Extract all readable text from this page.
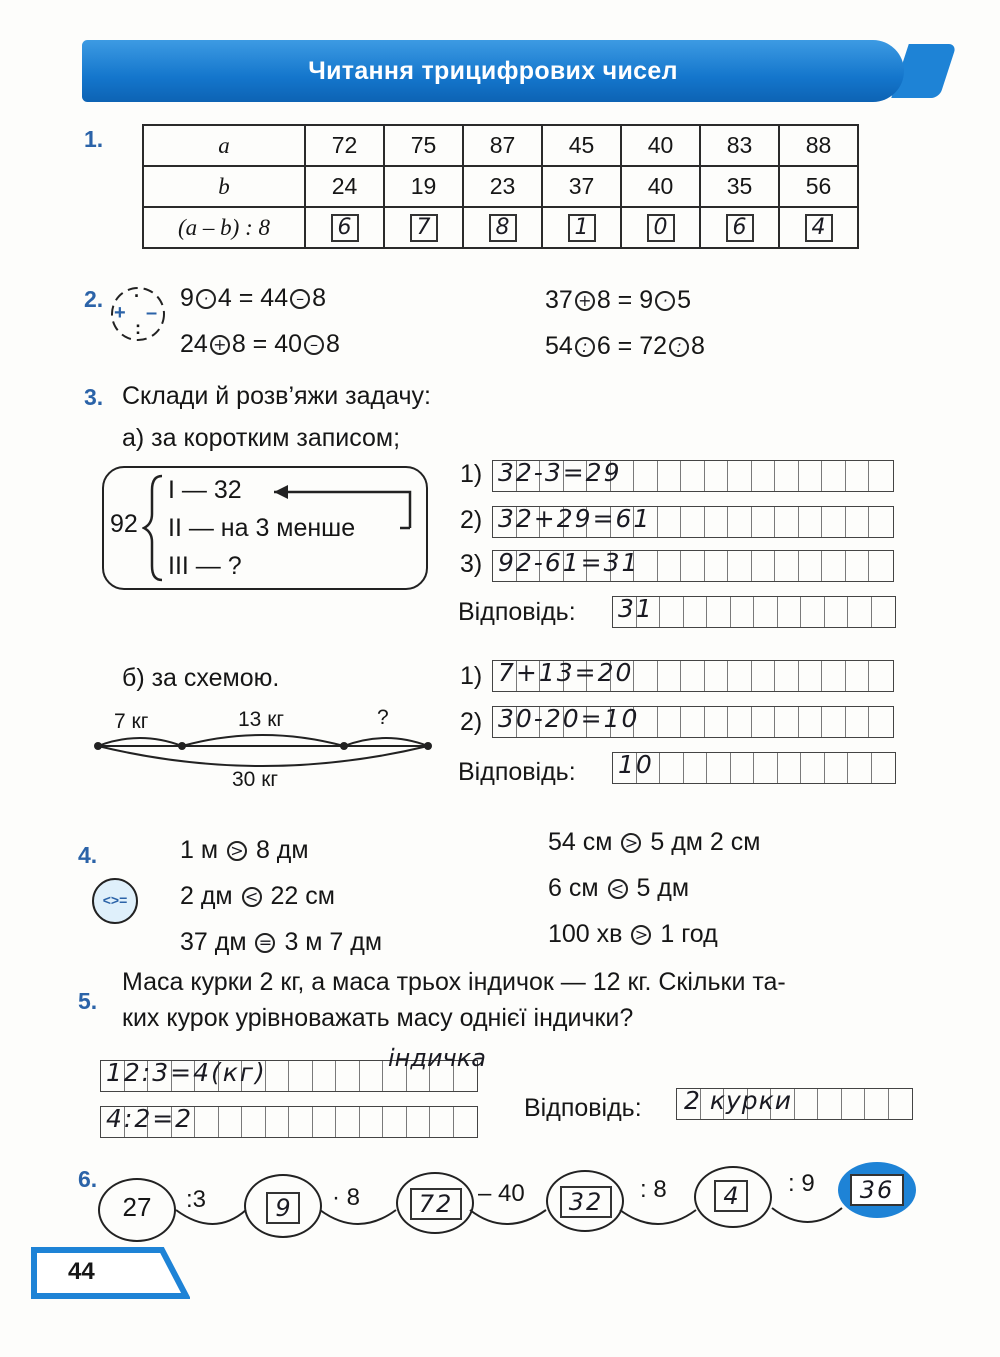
Читання трицифрових чисел
1.	a	72	75	87	45	40	83	88
b	24	19	23	37	40	35	56
(a – b) : 8	6	7	8	1	0	6	4
2. ·
+ –
:
9 · 4 = 44 – 8
24 + 8 = 40 – 8
37 + 8 = 9 · 5
54 : 6 = 72 : 8
3. Склади й розв’яжи задачу:
а) за коротким записом;
92
I — 32
II — на 3 менше
III — ?
1) 32-3=29
2) 32+29=61
3) 92-61=31
Відповідь: 31
б) за схемою.
7 кг	13 кг	?
30 кг
1) 7+13=20
2) 30-20=10
Відповідь: 10
4.
<>=
1 м > 8 дм
2 дм < 22 см
37 дм = 3 м 7 дм
54 см > 5 дм 2 см
6 см < 5 дм
100 хв > 1 год
5.
Маса курки 2 кг, а маса трьох індичок — 12 кг. Скільки та-
ких курок урівноважать масу однієї індички?
12:3=4(кг)	індичка
4:2=2	Відповідь: 2 курки
6.
27	:3	9	· 8	72	– 40	32	: 8	4	: 9	36
44
